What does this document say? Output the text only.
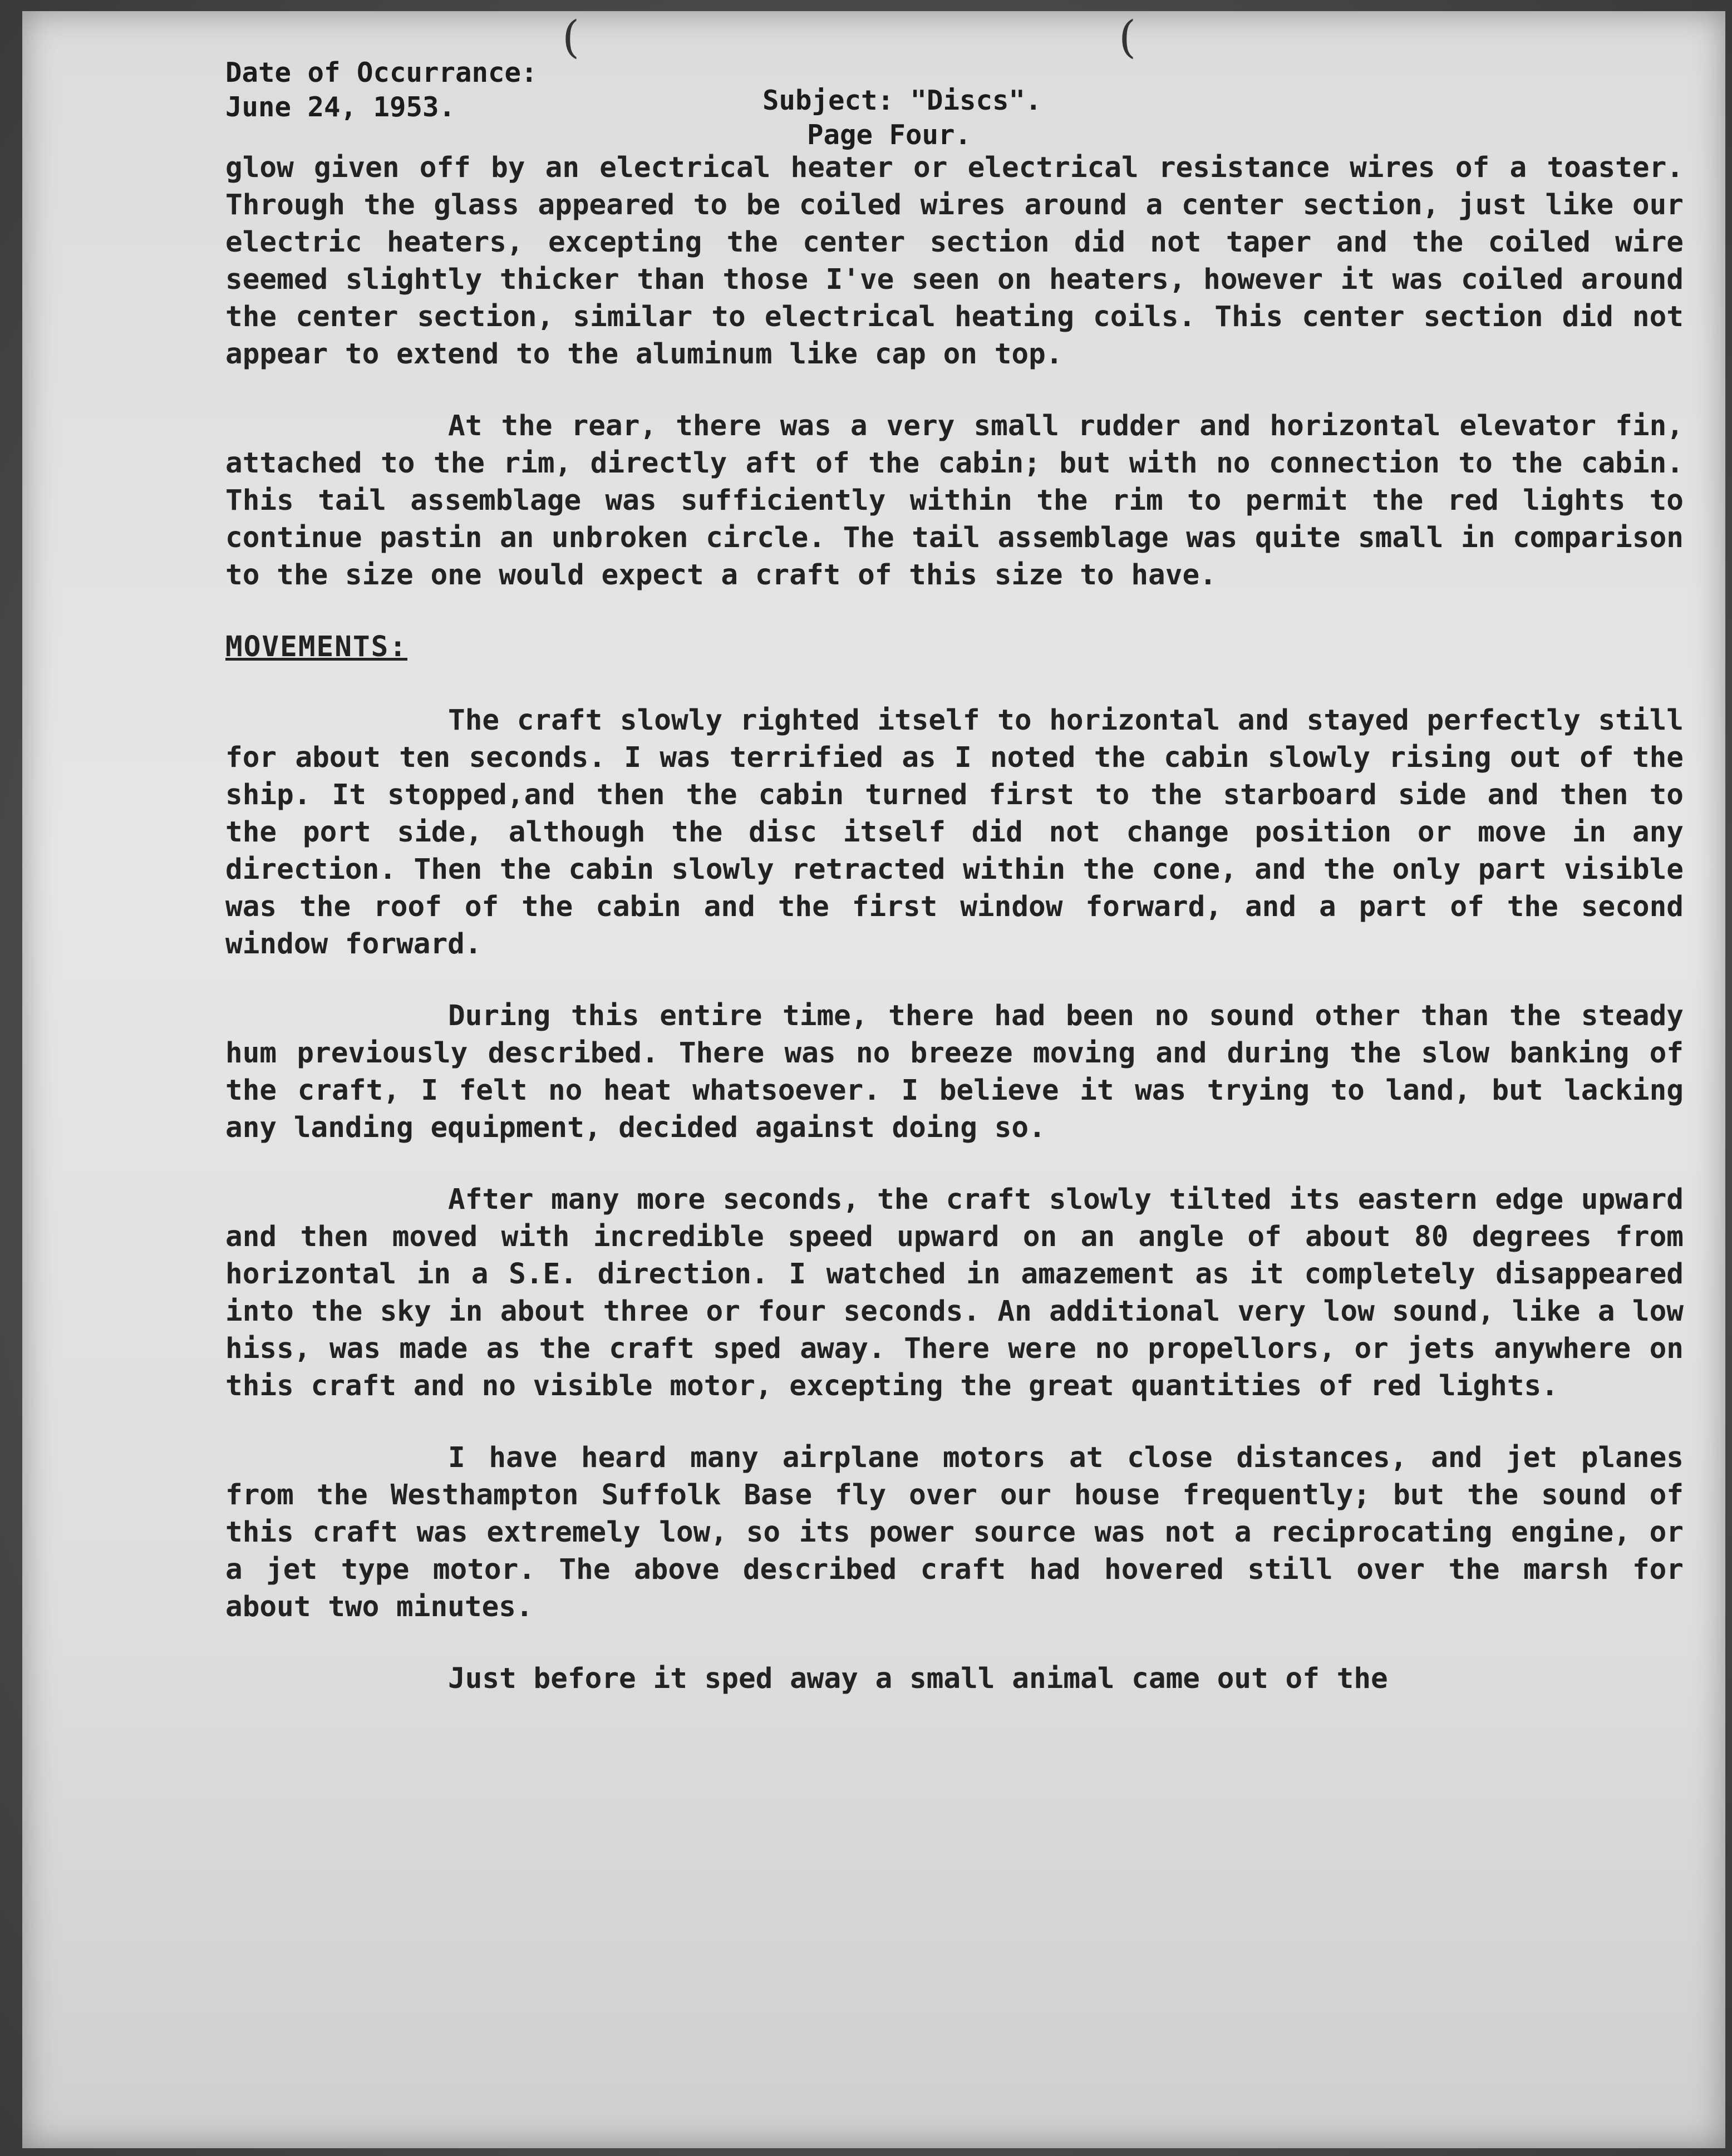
(	(
Date of Occurrance:
June 24, 1953.	Subject: "Discs".
Page Four.

glow given off by an electrical heater or electrical resistance wires of a toaster. Through the glass appeared to be coiled wires around a center section, just like our electric heaters, excepting the center section did not taper and the coiled wire seemed slightly thicker than those I've seen on heaters, however it was coiled around the center section, similar to electrical heating coils. This center section did not appear to extend to the aluminum like cap on top.

At the rear, there was a very small rudder and horizontal elevator fin, attached to the rim, directly aft of the cabin; but with no connection to the cabin. This tail assemblage was sufficiently within the rim to permit the red lights to continue pastin an unbroken circle. The tail assemblage was quite small in comparison to the size one would expect a craft of this size to have.

MOVEMENTS:

The craft slowly righted itself to horizontal and stayed perfectly still for about ten seconds. I was terrified as I noted the cabin slowly rising out of the ship. It stopped,and then the cabin turned first to the starboard side and then to the port side, although the disc itself did not change position or move in any direction. Then the cabin slowly retracted within the cone, and the only part visible was the roof of the cabin and the first window forward, and a part of the second window forward.

During this entire time, there had been no sound other than the steady hum previously described. There was no breeze moving and during the slow banking of the craft, I felt no heat whatsoever. I believe it was trying to land, but lacking any landing equipment, decided against doing so.

After many more seconds, the craft slowly tilted its eastern edge upward and then moved with incredible speed upward on an angle of about 80 degrees from horizontal in a S.E. direction. I watched in amazement as it completely disappeared into the sky in about three or four seconds. An additional very low sound, like a low hiss, was made as the craft sped away. There were no propellors, or jets anywhere on this craft and no visible motor, excepting the great quantities of red lights.

I have heard many airplane motors at close distances, and jet planes from the Westhampton Suffolk Base fly over our house frequently; but the sound of this craft was extremely low, so its power source was not a reciprocating engine, or a jet type motor. The above described craft had hovered still over the marsh for about two minutes.

Just before it sped away a small animal came out of the
